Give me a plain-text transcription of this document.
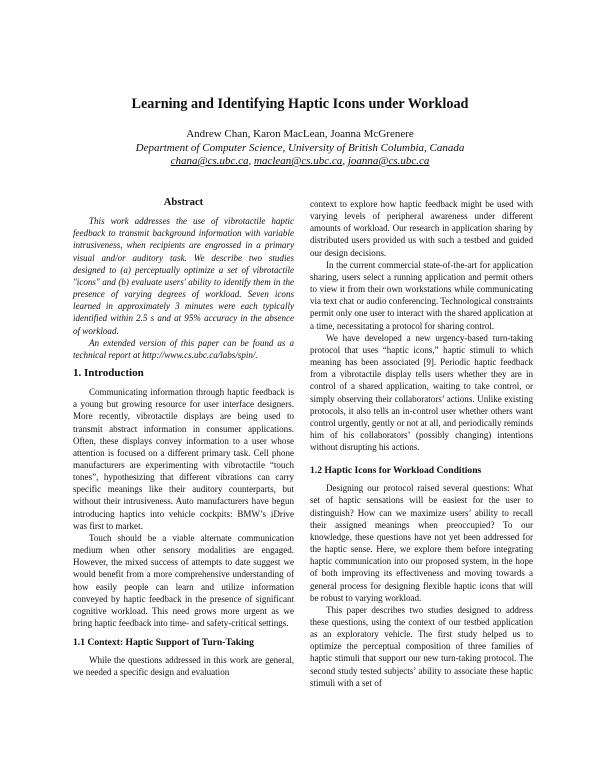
Learning and Identifying Haptic Icons under Workload
Andrew Chan, Karon MacLean, Joanna McGrenere
Department of Computer Science, University of British Columbia, Canada
chana@cs.ubc.ca, maclean@cs.ubc.ca, joanna@cs.ubc.ca
Abstract

This work addresses the use of vibrotactile haptic feedback to transmit background information with variable intrusiveness, when recipients are engrossed in a primary visual and/or auditory task. We describe two studies designed to (a) perceptually optimize a set of vibrotactile "icons" and (b) evaluate users' ability to identify them in the presence of varying degrees of workload. Seven icons learned in approximately 3 minutes were each typically identified within 2.5 s and at 95% accuracy in the absence of workload.

An extended version of this paper can be found as a technical report at http://www.cs.ubc.ca/labs/spin/.

1. Introduction

Communicating information through haptic feedback is a young but growing resource for user interface designers. More recently, vibrotactile displays are being used to transmit abstract information in consumer applications. Often, these displays convey information to a user whose attention is focused on a different primary task. Cell phone manufacturers are experimenting with vibrotactile “touch tones”, hypothesizing that different vibrations can carry specific meanings like their auditory counterparts, but without their intrusiveness. Auto manufacturers have begun introducing haptics into vehicle cockpits: BMW’s iDrive was first to market.

Touch should be a viable alternate communication medium when other sensory modalities are engaged. However, the mixed success of attempts to date suggest we would benefit from a more comprehensive understanding of how easily people can learn and utilize information conveyed by haptic feedback in the presence of significant cognitive workload. This need grows more urgent as we bring haptic feedback into time- and safety-critical settings.

1.1 Context: Haptic Support of Turn-Taking

While the questions addressed in this work are general, we needed a specific design and evaluation

context to explore how haptic feedback might be used with varying levels of peripheral awareness under different amounts of workload. Our research in application sharing by distributed users provided us with such a testbed and guided our design decisions.

In the current commercial state-of-the-art for application sharing, users select a running application and permit others to view it from their own workstations while communicating via text chat or audio conferencing. Technological constraints permit only one user to interact with the shared application at a time, necessitating a protocol for sharing control.

We have developed a new urgency-based turn-taking protocol that uses “haptic icons,” haptic stimuli to which meaning has been associated [9]. Periodic haptic feedback from a vibrotactile display tells users whether they are in control of a shared application, waiting to take control, or simply observing their collaborators’ actions. Unlike existing protocols, it also tells an in-control user whether others want control urgently, gently or not at all, and periodically reminds him of his collaborators’ (possibly changing) intentions without disrupting his actions.

1.2 Haptic Icons for Workload Conditions

Designing our protocol raised several questions: What set of haptic sensations will be easiest for the user to distinguish? How can we maximize users’ ability to recall their assigned meanings when preoccupied? To our knowledge, these questions have not yet been addressed for the haptic sense. Here, we explore them before integrating haptic communication into our proposed system, in the hope of both improving its effectiveness and moving towards a general process for designing flexible haptic icons that will be robust to varying workload.

This paper describes two studies designed to address these questions, using the context of our testbed application as an exploratory vehicle. The first study helped us to optimize the perceptual composition of three families of haptic stimuli that support our new turn-taking protocol. The second study tested subjects’ ability to associate these haptic stimuli with a set of
